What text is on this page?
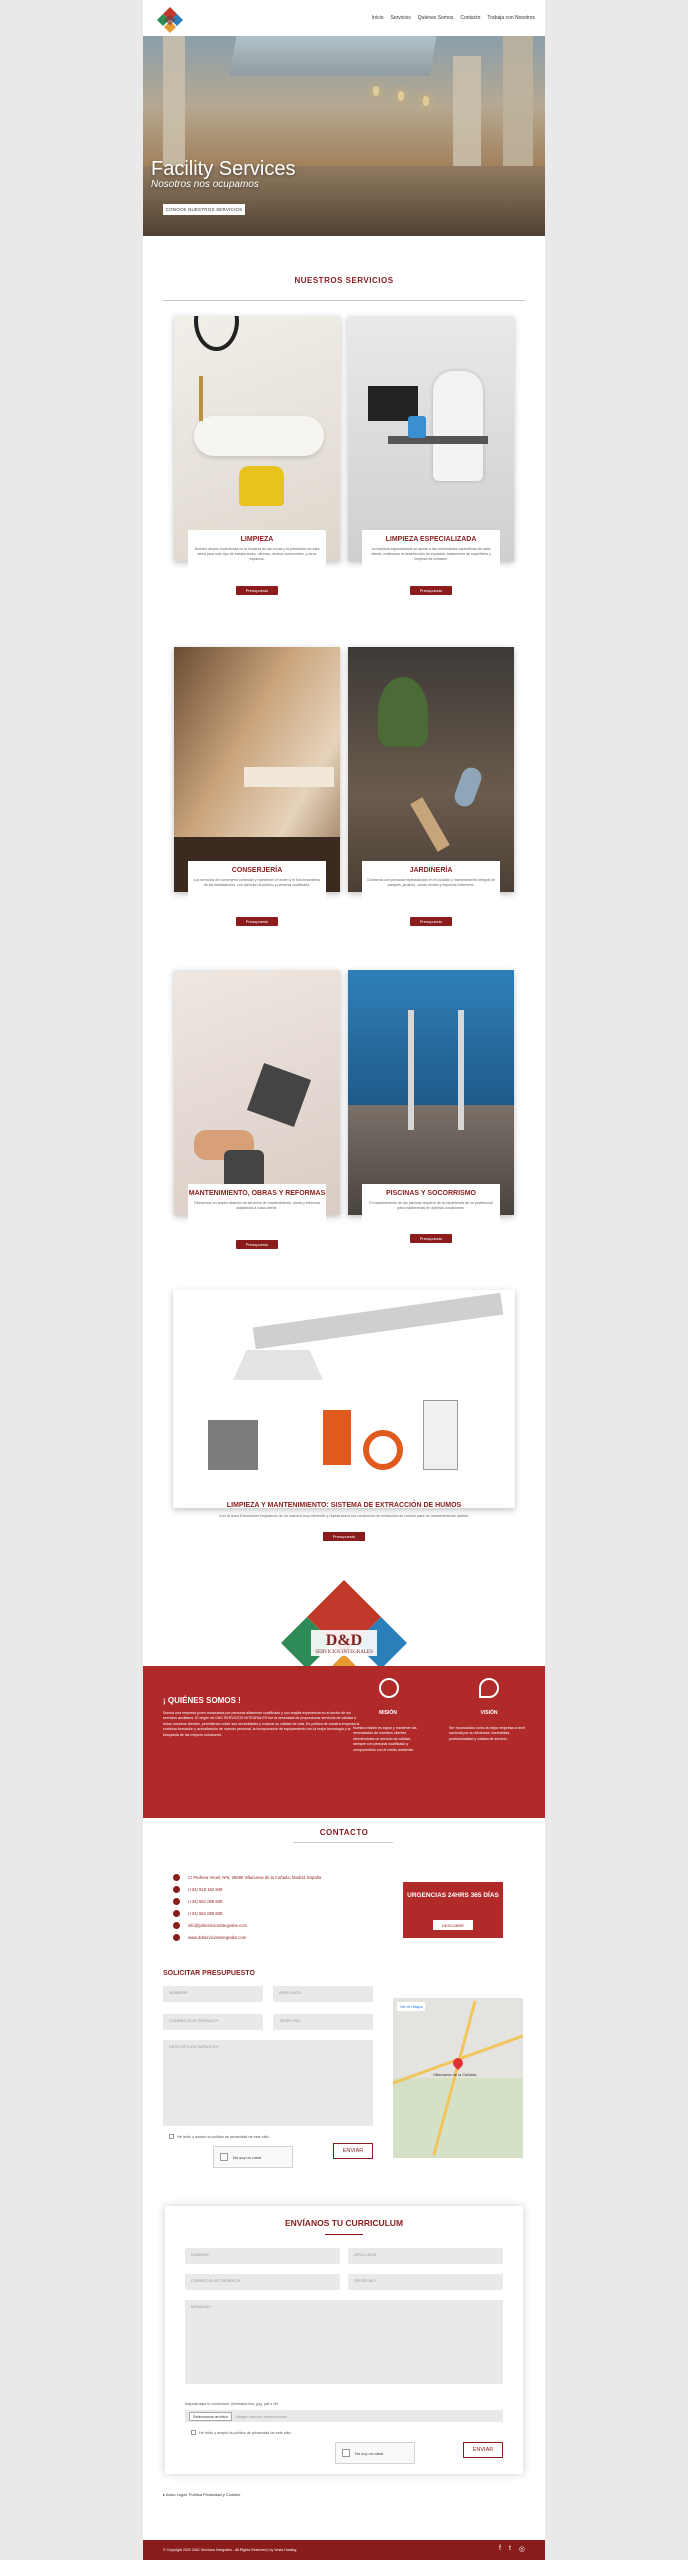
Inicio Servicios Quiénes Somos Contacto Trabaja con Nosotros
Facility Services
Nosotros nos ocupamos
CONOCE NUESTROS SERVICIOS
NUESTROS SERVICIOS
LIMPIEZA
Nuestro amplio experiencia en la limpieza de las zonas y la prestación de esta tarea para todo tipo de instalaciones, oficinas, centros comerciales, y otros espacios.
Presupuesto
LIMPIEZA ESPECIALIZADA
La limpieza especializada se ajusta a las necesidades específicas de cada cliente, realizando la desinfección de espacios, tratamiento de superficies y limpieza de cristales.
Presupuesto
CONSERJERÍA
Los servicios de conserjería controlan y mantienen el orden y el funcionamiento de las instalaciones, con atención al público y personal cualificado.
Presupuesto
JARDINERÍA
Contamos con personal especializado en el cuidado y mantenimiento integral de parques, jardines, zonas verdes y espacios exteriores.
Presupuesto
MANTENIMIENTO, OBRAS Y REFORMAS
Ofrecemos un amplio abanico de servicios de mantenimiento, obras y reformas adaptados a cada cliente.
Presupuesto
PISCINAS Y SOCORRISMO
El mantenimiento de las piscinas requiere de la experiencia de un profesional para mantenerlas en óptimas condiciones.
Presupuesto
LIMPIEZA Y MANTENIMIENTO: SISTEMA DE EXTRACCIÓN DE HUMOS
Con la línea Extractores limpiamos de un manera muy eficiente y rápida todos los conductos de extracción de humos para un mantenimiento óptimo.
Presupuesto
D&D
SERVICIOS INTEGRALES
¡ QUIÉNES SOMOS !
Somos una empresa joven compuesta por personal altamente cualificado y con amplia experiencia en el sector de los servicios auxiliares. El origen de D&D SERVICIOS INTEGRALES fue la necesidad de proporcionar servicios de calidad a todos nuestros clientes, permitiendo cubrir sus necesidades y mejorar su calidad de vida. Es política de nuestra empresa la continua formación y actualización de nuestro personal, la incorporación de equipamiento con la mejor tecnología y la búsqueda de las mejores soluciones.
MISIÓN
Nuestra misión es lograr y mantener las necesidades de nuestros clientes ofreciéndoles un servicio de calidad, siempre con personal cualificado y comprometido con el medio ambiente.
VISIÓN
Ser reconocidos como la mejor empresa a nivel nacional por su eficiencia, honestidad, profesionalidad y calidad de servicio.
CONTACTO
C/ Pedrera Viruel, Nº6, 28690 Villanueva de la Cañada, Madrid, España
(+34) 918 184 949
(+34) 661 089 608
(+34) 661 089 608
info@ydserviciosintegrales.com
www.ddserviciosintegrales.com
URGENCIAS 24HRS 365 DÍAS
DESCUBRE
SOLICITAR PRESUPUESTO
NOMBRE*	APELLIDOS
CORREO ELECTRÓNICO*	TELÉFONO
DESCRIPCIÓN SERVICIO*
He leído y acepto la política de privacidad de este sitio.
No soy un robot
ENVIAR
Ver en Maps
Villanueva de la Cañada
ENVÍANOS TU CURRICULUM
NOMBRE*	APELLIDOS
CORREO ELECTRÓNICO*	TELÉFONO
MENSAJE*
Adjunta aquí tu curriculum. (formatos doc, jpg, pdf o rtf)
Seleccionar archivo	Ningún archivo seleccionado
He leído y acepto la política de privacidad de este sitio.
No soy un robot	ENVIAR
▸ Aviso Legal, Política Privacidad y Cookies
© Copyright 2020 D&D Servicios Integrales - All Rights Reserved | by Vesta Hosting	f t ◎
